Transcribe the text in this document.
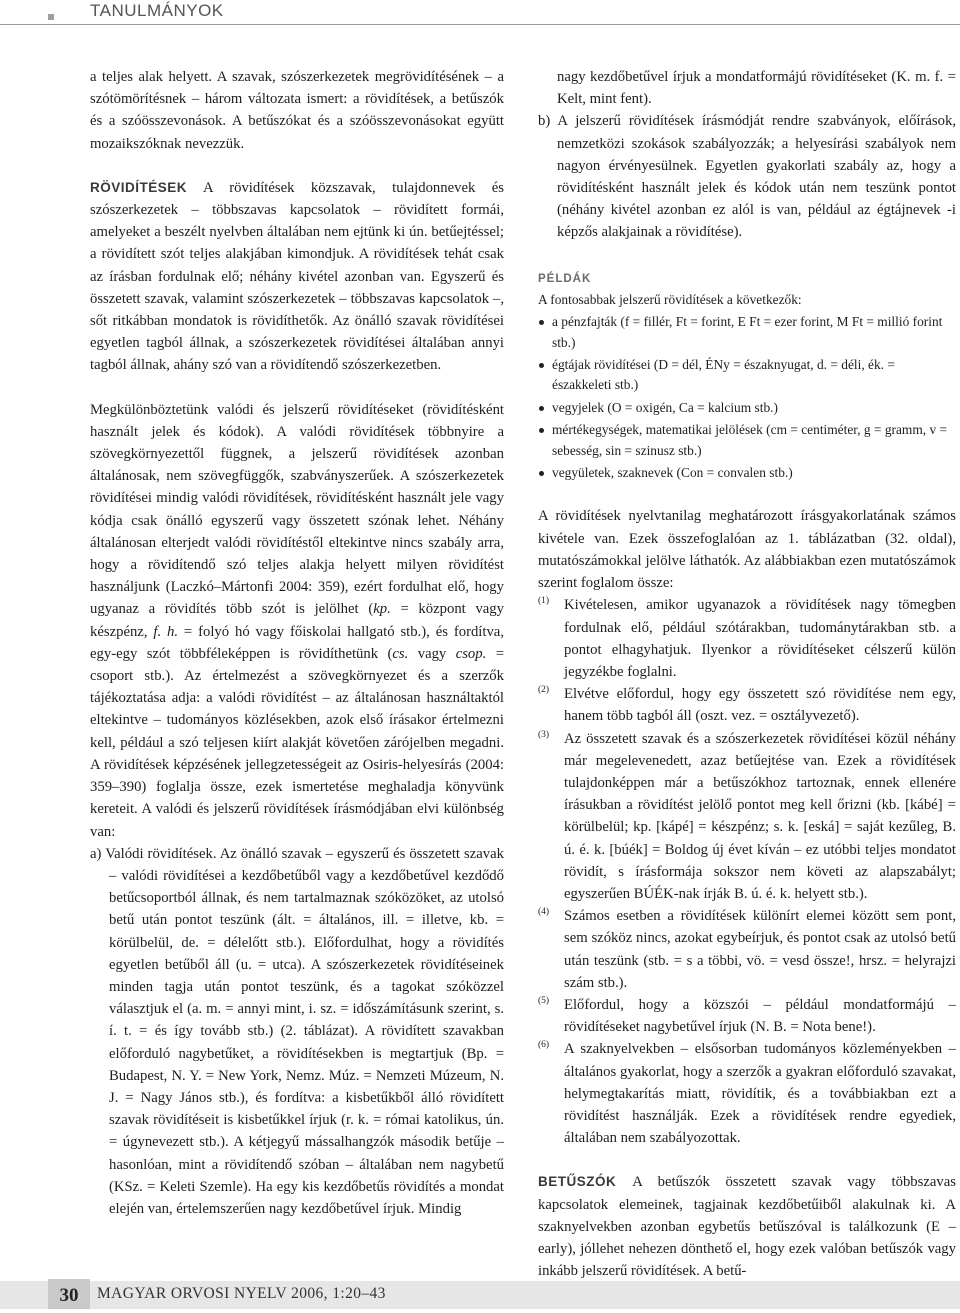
TANULMÁNYOK

a teljes alak helyett. A szavak, szószerkezetek megrövidítésének – a szótömörítésnek – három változata ismert: a rövidítések, a betűszók és a szóösszevonások. A betűszókat és a szóösszevonásokat együtt mozaikszóknak nevezzük.

RÖVIDÍTÉSEK A rövidítések közszavak, tulajdonnevek és szószerkezetek – többszavas kapcsolatok – rövidített formái, amelyeket a beszélt nyelvben általában nem ejtünk ki ún. betűejtéssel; a rövidített szót teljes alakjában kimondjuk. A rövidítések tehát csak az írásban fordulnak elő; néhány kivétel azonban van. Egyszerű és összetett szavak, valamint szószerkezetek – többszavas kapcsolatok –, sőt ritkábban mondatok is rövidíthetők. Az önálló szavak rövidítései egyetlen tagból állnak, a szószerkezetek rövidítései általában annyi tagból állnak, ahány szó van a rövidítendő szószerkezetben.

Megkülönböztetünk valódi és jelszerű rövidítéseket (rövidítésként használt jelek és kódok). A valódi rövidítések többnyire a szövegkörnyezettől függnek, a jelszerű rövidítések azonban általánosak, nem szövegfüggők, szabványszerűek. A szószerkezetek rövidítései mindig valódi rövidítések, rövidítésként használt jele vagy kódja csak önálló egyszerű vagy összetett szónak lehet. Néhány általánosan elterjedt valódi rövidítéstől eltekintve nincs szabály arra, hogy a rövidítendő szó teljes alakja helyett milyen rövidítést használjunk (Laczkó–Mártonfi 2004: 359), ezért fordulhat elő, hogy ugyanaz a rövidítés több szót is jelölhet (kp. = központ vagy készpénz, f. h. = folyó hó vagy főiskolai hallgató stb.), és fordítva, egy-egy szót többféleképpen is rövidíthetünk (cs. vagy csop. = csoport stb.). Az értelmezést a szövegkörnyezet és a szerzők tájékoztatása adja: a valódi rövidítést – az általánosan használtaktól eltekintve – tudományos közlésekben, azok első írásakor értelmezni kell, például a szó teljesen kiírt alakját követően zárójelben megadni. A rövidítések képzésének jellegzetességeit az Osiris-helyesírás (2004: 359–390) foglalja össze, ezek ismertetése meghaladja könyvünk kereteit. A valódi és jelszerű rövidítések írásmódjában elvi különbség van:

a) Valódi rövidítések. Az önálló szavak – egyszerű és összetett szavak – valódi rövidítései a kezdőbetűből vagy a kezdőbetűvel kezdődő betűcsoportból állnak, és nem tartalmaznak szóközöket, az utolsó betű után pontot teszünk (ált. = általános, ill. = illetve, kb. = körülbelül, de. = délelőtt stb.). Előfordulhat, hogy a rövidítés egyetlen betűből áll (u. = utca). A szószerkezetek rövidítéseinek minden tagja után pontot teszünk, és a tagokat szóközzel választjuk el (a. m. = annyi mint, i. sz. = időszámításunk szerint, s. í. t. = és így tovább stb.) (2. táblázat). A rövidített szavakban előforduló nagybetűket, a rövidítésekben is megtartjuk (Bp. = Budapest, N. Y. = New York, Nemz. Múz. = Nemzeti Múzeum, N. J. = Nagy János stb.), és fordítva: a kisbetűkből álló rövidített szavak rövidítéseit is kisbetűkkel írjuk (r. k. = római katolikus, ún. = úgynevezett stb.). A kétjegyű mássalhangzók második betűje – hasonlóan, mint a rövidítendő szóban – általában nem nagybetű (KSz. = Keleti Szemle). Ha egy kis kezdőbetűs rövidítés a mondat elején van, értelemszerűen nagy kezdőbetűvel írjuk. Mindig

nagy kezdőbetűvel írjuk a mondatformájú rövidítéseket (K. m. f. = Kelt, mint fent).

b) A jelszerű rövidítések írásmódját rendre szabványok, előírások, nemzetközi szokások szabályozzák; a helyesírási szabályok nem nagyon érvényesülnek. Egyetlen gyakorlati szabály az, hogy a rövidítésként használt jelek és kódok után nem teszünk pontot (néhány kivétel azonban ez alól is van, például az égtájnevek -i képzős alakjainak a rövidítése).

PÉLDÁK
A fontosabbak jelszerű rövidítések a következők:
a pénzfajták (f = fillér, Ft = forint, E Ft = ezer forint, M Ft = millió forint stb.)
égtájak rövidítései (D = dél, ÉNy = északnyugat, d. = déli, ék. = északkeleti stb.)
vegyjelek (O = oxigén, Ca = kalcium stb.)
mértékegységek, matematikai jelölések (cm = centiméter, g = gramm, v = sebesség, sin = szinusz stb.)
vegyületek, szaknevek (Con = convalen stb.)

A rövidítések nyelvtanilag meghatározott írásgyakorlatának számos kivétele van. Ezek összefoglalóan az 1. táblázatban (32. oldal), mutatószámokkal jelölve láthatók. Az alábbiakban ezen mutatószámok szerint foglalom össze:

(1) Kivételesen, amikor ugyanazok a rövidítések nagy tömegben fordulnak elő, például szótárakban, tudománytárakban stb. a pontot elhagyhatjuk. Ilyenkor a rövidítéseket célszerű külön jegyzékbe foglalni.
(2) Elvétve előfordul, hogy egy összetett szó rövidítése nem egy, hanem több tagból áll (oszt. vez. = osztályvezető).
(3) Az összetett szavak és a szószerkezetek rövidítései közül néhány már megelevenedett, azaz betűejtése van. Ezek a rövidítések tulajdonképpen már a betűszókhoz tartoznak, ennek ellenére írásukban a rövidítést jelölő pontot meg kell őrizni (kb. [kábé] = körülbelül; kp. [kápé] = készpénz; s. k. [eská] = saját kezűleg, B. ú. é. k. [búék] = Boldog új évet kíván – ez utóbbi teljes mondatot rövidít, s írásformája sokszor nem követi az alapszabályt; egyszerűen BÚÉK-nak írják B. ú. é. k. helyett stb.).
(4) Számos esetben a rövidítések különírt elemei között sem pont, sem szóköz nincs, azokat egybeírjuk, és pontot csak az utolsó betű után teszünk (stb. = s a többi, vö. = vesd össze!, hrsz. = helyrajzi szám stb.).
(5) Előfordul, hogy a közszói – például mondatformájú – rövidítéseket nagybetűvel írjuk (N. B. = Nota bene!).
(6) A szaknyelvekben – elsősorban tudományos közleményekben – általános gyakorlat, hogy a szerzők a gyakran előforduló szavakat, helymegtakarítás miatt, rövidítik, és a továbbiakban ezt a rövidítést használják. Ezek a rövidítések rendre egyediek, általában nem szabályozottak.

BETŰSZÓK A betűszók összetett szavak vagy többszavas kapcsolatok elemeinek, tagjainak kezdőbetűiből alakulnak ki. A szaknyelvekben azonban egybetűs betűszóval is találkozunk (E – early), jóllehet nehezen dönthető el, hogy ezek valóban betűszók vagy inkább jelszerű rövidítések. A betű-

30	MAGYAR ORVOSI NYELV 2006, 1:20–43
